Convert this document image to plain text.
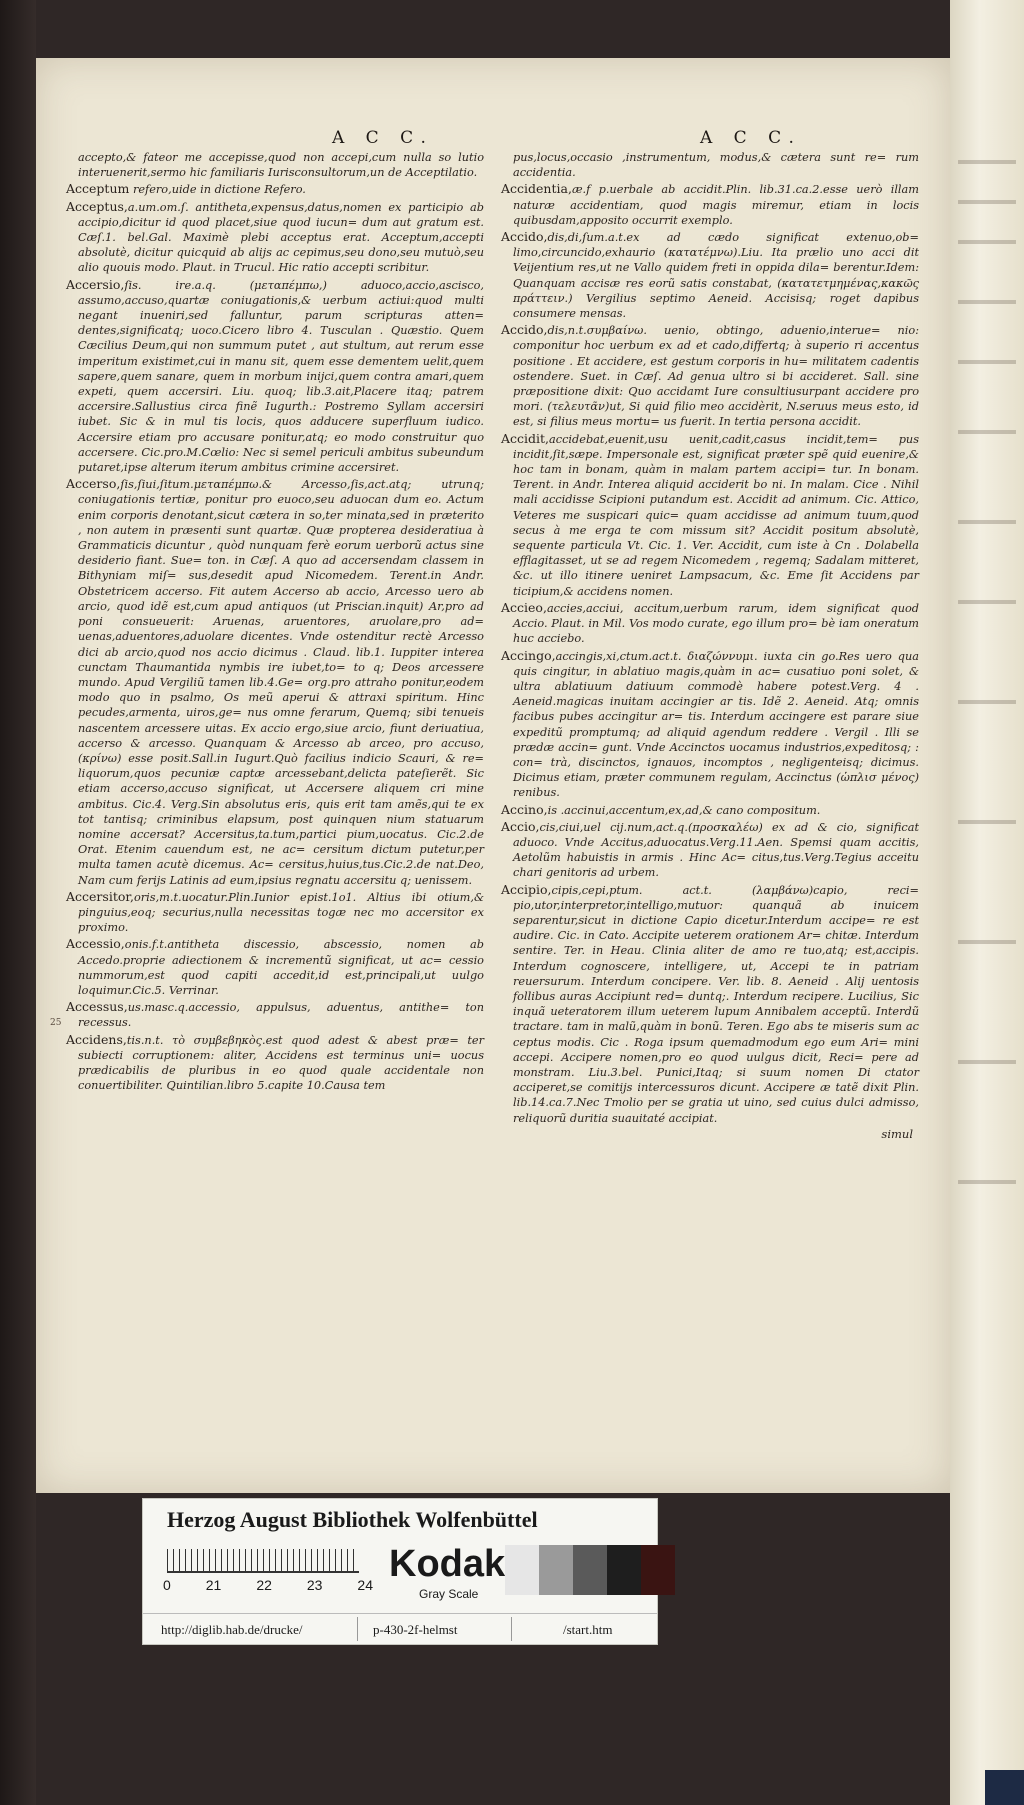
A C C.	A C C.

accepto,& fateor me accepisse,quod non accepi,cum nulla so lutio interuenerit,sermo hic familiaris Iurisconsultorum,un de Acceptilatio.

Acceptum refero,uide in dictione Refero.

Acceptus,a.um.om.ſ. antitheta,expensus,datus,nomen ex participio ab accipio,dicitur id quod placet,siue quod iucun= dum aut gratum est. Cæſ.1. bel.Gal. Maximè plebi acceptus erat. Acceptum,accepti absolutè, dicitur quicquid ab alijs ac cepimus,seu dono,seu mutuò,seu alio quouis modo. Plaut. in Trucul. Hic ratio accepti scribitur.

Accersio,ſis. ire.a.q. (μεταπέμπω,) aduoco,accio,ascisco, assumo,accuso,quartæ coniugationis,& uerbum actiui:quod multi negant inueniri,sed falluntur, parum scripturas atten= dentes,significatq; uoco.Cicero libro 4. Tusculan . Quæstio. Quem Cæcilius Deum,qui non summum putet , aut stultum, aut rerum esse imperitum existimet,cui in manu sit, quem esse dementem uelit,quem sapere,quem sanare, quem in morbum inijci,quem contra amari,quem expeti, quem accersiri. Liu. quoq; lib.3.ait,Placere itaq; patrem accersire.Sallustius circa finẽ Iugurth.: Postremo Syllam accersiri iubet. Sic & in mul tis locis, quos adducere superfluum iudico. Accersire etiam pro accusare ponitur,atq; eo modo construitur quo accersere. Cic.pro.M.Cœlio: Nec si semel periculi ambitus subeundum putaret,ipse alterum iterum ambitus crimine accersiret.

Accerso,ſis,ſiui,ſitum.μεταπέμπω.& Arcesso,ſis,act.atq; utrunq; coniugationis tertiæ, ponitur pro euoco,seu aduocan dum eo. Actum enim corporis denotant,sicut cætera in so,ter minata,sed in præterito , non autem in præsenti sunt quartæ. Quæ propterea desideratiua à Grammaticis dicuntur , quòd nunquam ferè eorum uerborũ actus sine desiderio fiant. Sue= ton. in Cæſ. A quo ad accersendam classem in Bithyniam miſ= sus,desedit apud Nicomedem. Terent.in Andr. Obstetricem accerso. Fit autem Accerso ab accio, Arcesso uero ab arcio, quod idẽ est,cum apud antiquos (ut Priscian.inquit) Ar,pro ad poni consueuerit: Aruenas, aruentores, aruolare,pro ad= uenas,aduentores,aduolare dicentes. Vnde ostenditur rectè Arcesso dici ab arcio,quod nos accio dicimus . Claud. lib.1. Iuppiter interea cunctam Thaumantida nymbis ire iubet,to= to q; Deos arcessere mundo. Apud Vergiliũ tamen lib.4.Ge= org.pro attraho ponitur,eodem modo quo in psalmo, Os meũ aperui & attraxi spiritum. Hinc pecudes,armenta, uiros,ge= nus omne ferarum, Quemq; sibi tenueis nascentem arcessere uitas. Ex accio ergo,siue arcio, fiunt deriuatiua, accerso & arcesso. Quanquam & Arcesso ab arceo, pro accuso, (κρίνω) esse posit.Sall.in Iugurt.Quò facilius indicio Scauri, & re= liquorum,quos pecuniæ captæ arcessebant,delicta pateſierẽt. Sic etiam accerso,accuso significat, ut Accersere aliquem cri mine ambitus. Cic.4. Verg.Sin absolutus eris, quis erit tam amẽs,qui te ex tot tantisq; criminibus elapsum, post quinquen nium statuarum nomine accersat? Accersitus,ta.tum,partici pium,uocatus. Cic.2.de Orat. Etenim cauendum est, ne ac= cersitum dictum putetur,per multa tamen acutè dicemus. Ac= cersitus,huius,tus.Cic.2.de nat.Deo, Nam cum ferijs Latinis ad eum,ipsius regnatu accersitu q; uenissem.

Accersitor,oris,m.t.uocatur.Plin.Iunior epist.1o1. Altius ibi otium,& pinguius,eoq; securius,nulla necessitas togæ nec mo accersitor ex proximo.

Accessio,onis.f.t.antitheta discessio, abscessio, nomen ab Accedo.proprie adiectionem & incrementũ significat, ut ac= cessio nummorum,est quod capiti accedit,id est,principali,ut uulgo loquimur.Cic.5. Verrinar.

Accessus,us.masc.q.accessio, appulsus, aduentus, antithe= ton recessus.

Accidens,tis.n.t. τὸ συμβεβηκὸς.est quod adest & abest præ= ter subiecti corruptionem: aliter, Accidens est terminus uni= uocus prædicabilis de pluribus in eo quod quale accidentale non conuertibiliter. Quintilian.libro 5.capite 10.Causa tem

pus,locus,occasio ,instrumentum, modus,& cætera sunt re= rum accidentia.

Accidentia,æ.f p.uerbale ab accidit.Plin. lib.31.ca.2.esse uerò illam naturæ accidentiam, quod magis miremur, etiam in locis quibusdam,apposito occurrit exemplo.

Accido,dis,di,ſum.a.t.ex ad cædo significat extenuo,ob= limo,circuncido,exhaurio (κατατέμνω).Liu. Ita prælio uno acci dit Veijentium res,ut ne Vallo quidem freti in oppida dila= berentur.Idem: Quanquam accisæ res eorũ satis constabat, (κατατετμημένας,κακῶς πράττειν.) Vergilius septimo Aeneid. Accisisq; roget dapibus consumere mensas.

Accido,dis,n.t.συμβαίνω. uenio, obtingo, aduenio,interue= nio: componitur hoc uerbum ex ad et cado,differtq; à superio ri accentus positione . Et accidere, est gestum corporis in hu= militatem cadentis ostendere. Suet. in Cæſ. Ad genua ultro si bi accideret. Sall. sine præpositione dixit: Quo accidamt Iure consultiusurpant accidere pro mori. (τελευτᾶν)ut, Si quid filio meo accidèrit, N.seruus meus esto, id est, si filius meus mortu= us fuerit. In tertia persona accidit.

Accidit,accidebat,euenit,usu uenit,cadit,casus incidit,tem= pus incidit,ſit,sæpe. Impersonale est, significat præter spẽ quid euenire,& hoc tam in bonam, quàm in malam partem accipi= tur. In bonam. Terent. in Andr. Interea aliquid acciderit bo ni. In malam. Cice . Nihil mali accidisse Scipioni putandum est. Accidit ad animum. Cic. Attico, Veteres me suspicari quic= quam accidisse ad animum tuum,quod secus à me erga te com missum sit? Accidit positum absolutè, sequente particula Vt. Cic. 1. Ver. Accidit, cum iste à Cn . Dolabella efflagitasset, ut se ad regem Nicomedem , regemq; Sadalam mitteret, &c. ut illo itinere ueniret Lampsacum, &c. Eme ſit Accidens par ticipium,& accidens nomen.

Accieo,accies,acciui, accitum,uerbum rarum, idem significat quod Accio. Plaut. in Mil. Vos modo curate, ego illum pro= bè iam oneratum huc acciebo.

Accingo,accingis,xi,ctum.act.t. διαζώννυμι. iuxta cin go.Res uero qua quis cingitur, in ablatiuo magis,quàm in ac= cusatiuo poni solet, & ultra ablatiuum datiuum commodè habere potest.Verg. 4 . Aeneid.magicas inuitam accingier ar tis. Idẽ 2. Aeneid. Atq; omnis facibus pubes accingitur ar= tis. Interdum accingere est parare siue expeditũ promptumq; ad aliquid agendum reddere . Vergil . Illi se prædæ accin= gunt. Vnde Accinctos uocamus industrios,expeditosq; : con= trà, discinctos, ignauos, incomptos , negligenteisq; dicimus. Dicimus etiam, præter communem regulam, Accinctus (ὡπλισ μένος) renibus.

Accino,is .accinui,accentum,ex,ad,& cano compositum.

Accio,cis,ciui,uel cij.num,act.q.(προσκαλέω) ex ad & cio, significat aduoco. Vnde Accitus,aduocatus.Verg.11.Aen. Spemsi quam accitis, Aetolũm habuistis in armis . Hinc Ac= citus,tus.Verg.Tegius acceitu chari genitoris ad urbem.

Accipio,cipis,cepi,ptum. act.t. (λαμβάνω)capio, reci= pio,utor,interpretor,intelligo,mutuor: quanquã ab inuicem separentur,sicut in dictione Capio dicetur.Interdum accipe= re est audire. Cic. in Cato. Accipite ueterem orationem Ar= chitæ. Interdum sentire. Ter. in Heau. Clinia aliter de amo re tuo,atq; est,accipis. Interdum cognoscere, intelligere, ut, Accepi te in patriam reuersurum. Interdum concipere. Ver. lib. 8. Aeneid . Alij uentosis follibus auras Accipiunt red= duntq;. Interdum recipere. Lucilius, Sic inquã ueteratorem illum ueterem lupum Annibalem acceptũ. Interdũ tractare. tam in malũ,quàm in bonũ. Teren. Ego abs te miseris sum ac ceptus modis. Cic . Roga ipsum quemadmodum ego eum Ari= mini accepi. Accipere nomen,pro eo quod uulgus dicit, Reci= pere ad monstram. Liu.3.bel. Punici,Itaq; si suum nomen Di ctator acciperet,se comitijs intercessuros dicunt. Accipere æ tatẽ dixit Plin. lib.14.ca.7.Nec Tmolio per se gratia ut uino, sed cuius dulci admisso, reliquorũ duritia suauitaté accipiat.

simul
25
Herzog August Bibliothek Wolfenbüttel
0 21 22 23 24 Kodak
Gray Scale
http://diglib.hab.de/drucke/	p-430-2f-helmst	/start.htm
